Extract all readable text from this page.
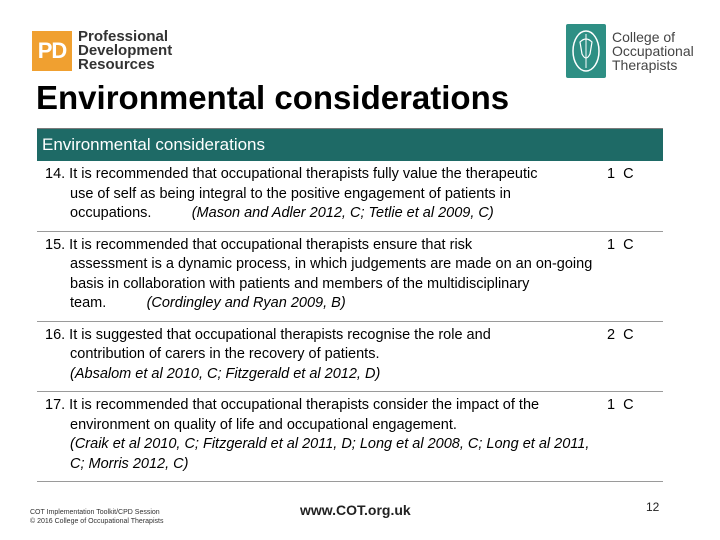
PD
Professional
Development
Resources
College of
Occupational
Therapists
Environmental considerations
Environmental considerations
14. It is recommended that occupational therapists fully value the therapeutic
use of self as being integral to the positive engagement of patients in occupations.	(Mason and Adler 2012, C; Tetlie et al 2009, C)
1 C
15. It is recommended that occupational therapists ensure that risk
assessment is a dynamic process, in which judgements are made on an on-going basis in collaboration with patients and members of the multidisciplinary team.	(Cordingley and Ryan 2009, B)
1 C
16. It is suggested that occupational therapists recognise the role and
contribution of carers in the recovery of patients.
(Absalom et al 2010, C; Fitzgerald et al 2012, D)
2 C
17. It is recommended that occupational therapists consider the impact of the
environment on quality of life and occupational engagement.
(Craik et al 2010, C; Fitzgerald et al 2011, D; Long et al 2008, C; Long et al 2011, C; Morris 2012, C)
1 C
COT Implementation Toolkit/CPD Session
© 2016 College of Occupational Therapists
www.COT.org.uk	12
